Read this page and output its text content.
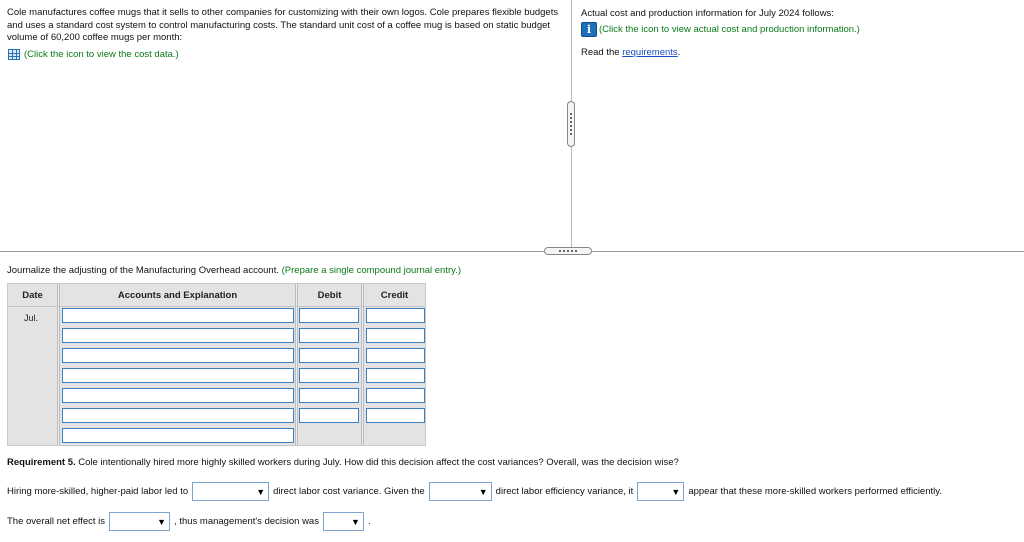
Cole manufactures coffee mugs that it sells to other companies for customizing with their own logos. Cole prepares flexible budgets and uses a standard cost system to control manufacturing costs. The standard unit cost of a coffee mug is based on static budget volume of 60,200 coffee mugs per month:
(Click the icon to view the cost data.)
Actual cost and production information for July 2024 follows:
i (Click the icon to view actual cost and production information.)
Read the requirements.
Journalize the adjusting of the Manufacturing Overhead account. (Prepare a single compound journal entry.)
Date	Accounts and Explanation	Debit	Credit
Jul.
Requirement 5. Cole intentionally hired more highly skilled workers during July. How did this decision affect the cost variances? Overall, was the decision wise?
Hiring more-skilled, higher-paid labor led to	▼ direct labor cost variance. Given the	▼ direct labor efficiency variance, it	▼ appear that these more-skilled workers performed efficiently.
The overall net effect is	▼ , thus management's decision was	▼ .
